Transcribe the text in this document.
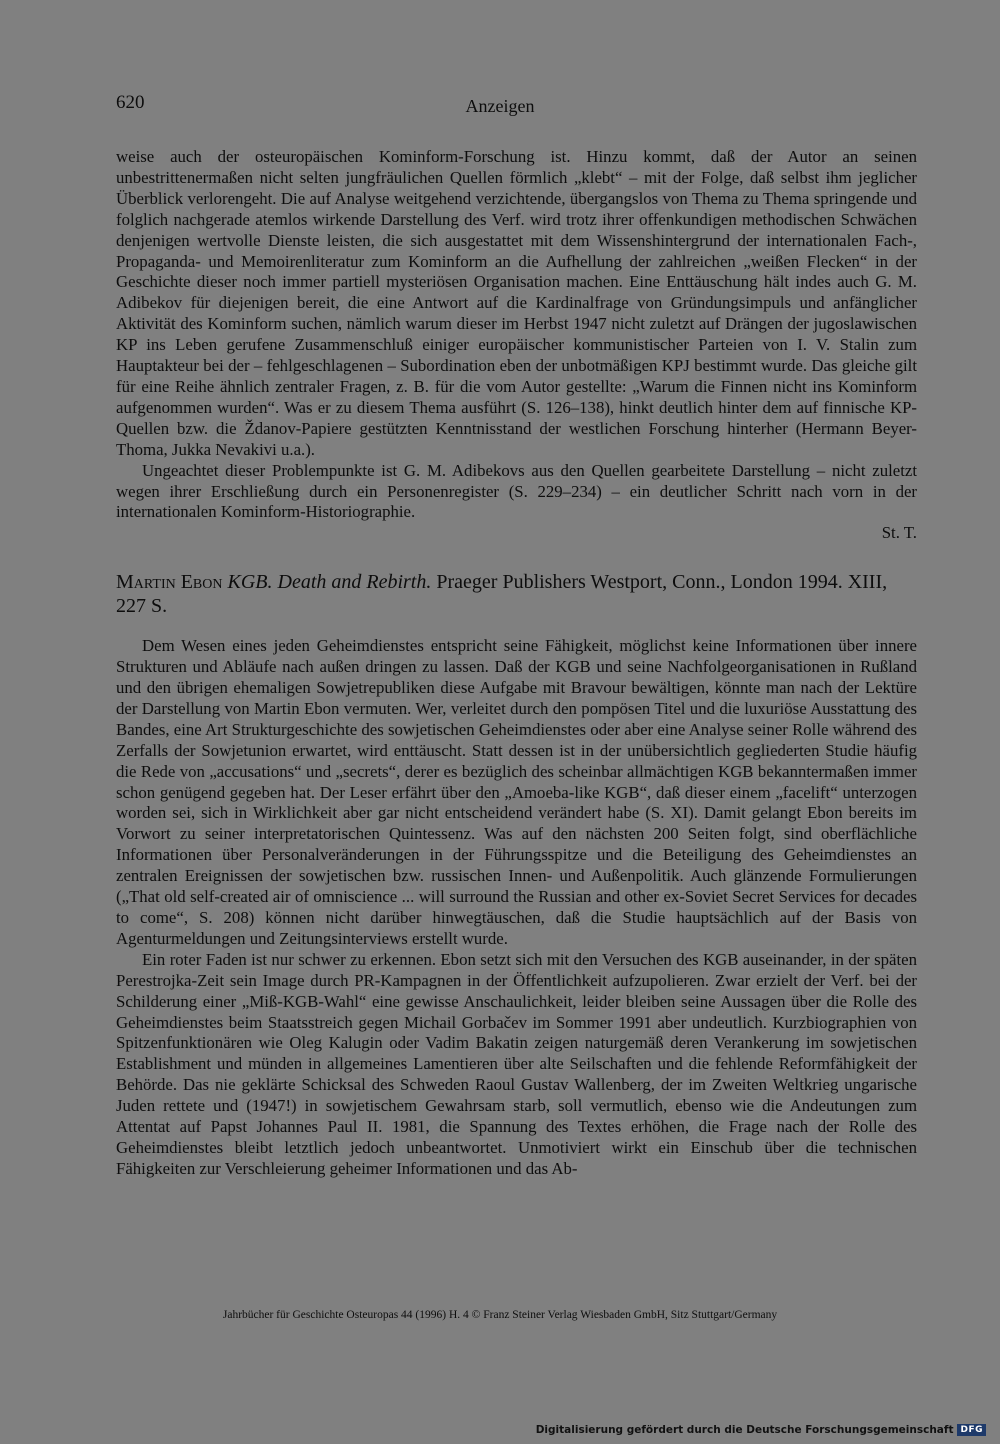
620	Anzeigen

weise auch der osteuropäischen Kominform-Forschung ist. Hinzu kommt, daß der Autor an seinen unbestrittenermaßen nicht selten jungfräulichen Quellen förmlich „klebt“ – mit der Folge, daß selbst ihm jeglicher Überblick verlorengeht. Die auf Analyse weitgehend verzichtende, übergangslos von Thema zu Thema springende und folglich nachgerade atemlos wirkende Darstellung des Verf. wird trotz ihrer offenkundigen methodischen Schwächen denjenigen wertvolle Dienste leisten, die sich ausgestattet mit dem Wissenshintergrund der internationalen Fach-, Propaganda- und Memoirenliteratur zum Kominform an die Aufhellung der zahlreichen „weißen Flecken“ in der Geschichte dieser noch immer partiell mysteriösen Organisation machen. Eine Enttäuschung hält indes auch G. M. Adibekov für diejenigen bereit, die eine Antwort auf die Kardinalfrage von Gründungsimpuls und anfänglicher Aktivität des Kominform suchen, nämlich warum dieser im Herbst 1947 nicht zuletzt auf Drängen der jugoslawischen KP ins Leben gerufene Zusammenschluß einiger europäischer kommunistischer Parteien von I. V. Stalin zum Hauptakteur bei der – fehlgeschlagenen – Subordination eben der unbotmäßigen KPJ bestimmt wurde. Das gleiche gilt für eine Reihe ähnlich zentraler Fragen, z. B. für die vom Autor gestellte: „Warum die Finnen nicht ins Kominform aufgenommen wurden“. Was er zu diesem Thema ausführt (S. 126–138), hinkt deutlich hinter dem auf finnische KP-Quellen bzw. die Ždanov-Papiere gestützten Kenntnisstand der westlichen Forschung hinterher (Hermann Beyer-Thoma, Jukka Nevakivi u.a.).

Ungeachtet dieser Problempunkte ist G. M. Adibekovs aus den Quellen gearbeitete Darstellung – nicht zuletzt wegen ihrer Erschließung durch ein Personenregister (S. 229–234) – ein deutlicher Schritt nach vorn in der internationalen Kominform-Historiographie.

St. T.

Martin Ebon KGB. Death and Rebirth. Praeger Publishers Westport, Conn., London 1994. XIII, 227 S.

Dem Wesen eines jeden Geheimdienstes entspricht seine Fähigkeit, möglichst keine Informationen über innere Strukturen und Abläufe nach außen dringen zu lassen. Daß der KGB und seine Nachfolgeorganisationen in Rußland und den übrigen ehemaligen Sowjetrepubliken diese Aufgabe mit Bravour bewältigen, könnte man nach der Lektüre der Darstellung von Martin Ebon vermuten. Wer, verleitet durch den pompösen Titel und die luxuriöse Ausstattung des Bandes, eine Art Strukturgeschichte des sowjetischen Geheimdienstes oder aber eine Analyse seiner Rolle während des Zerfalls der Sowjetunion erwartet, wird enttäuscht. Statt dessen ist in der unübersichtlich gegliederten Studie häufig die Rede von „accusations“ und „secrets“, derer es bezüglich des scheinbar allmächtigen KGB bekanntermaßen immer schon genügend gegeben hat. Der Leser erfährt über den „Amoeba-like KGB“, daß dieser einem „facelift“ unterzogen worden sei, sich in Wirklichkeit aber gar nicht entscheidend verändert habe (S. XI). Damit gelangt Ebon bereits im Vorwort zu seiner interpretatorischen Quintessenz. Was auf den nächsten 200 Seiten folgt, sind oberflächliche Informationen über Personalveränderungen in der Führungsspitze und die Beteiligung des Geheimdienstes an zentralen Ereignissen der sowjetischen bzw. russischen Innen- und Außenpolitik. Auch glänzende Formulierungen („That old self-created air of omniscience ... will surround the Russian and other ex-Soviet Secret Services for decades to come“, S. 208) können nicht darüber hinwegtäuschen, daß die Studie hauptsächlich auf der Basis von Agenturmeldungen und Zeitungsinterviews erstellt wurde.

Ein roter Faden ist nur schwer zu erkennen. Ebon setzt sich mit den Versuchen des KGB auseinander, in der späten Perestrojka-Zeit sein Image durch PR-Kampagnen in der Öffentlichkeit aufzupolieren. Zwar erzielt der Verf. bei der Schilderung einer „Miß-KGB-Wahl“ eine gewisse Anschaulichkeit, leider bleiben seine Aussagen über die Rolle des Geheimdienstes beim Staatsstreich gegen Michail Gorbačev im Sommer 1991 aber undeutlich. Kurzbiographien von Spitzenfunktionären wie Oleg Kalugin oder Vadim Bakatin zeigen naturgemäß deren Verankerung im sowjetischen Establishment und münden in allgemeines Lamentieren über alte Seilschaften und die fehlende Reformfähigkeit der Behörde. Das nie geklärte Schicksal des Schweden Raoul Gustav Wallenberg, der im Zweiten Weltkrieg ungarische Juden rettete und (1947!) in sowjetischem Gewahrsam starb, soll vermutlich, ebenso wie die Andeutungen zum Attentat auf Papst Johannes Paul II. 1981, die Spannung des Textes erhöhen, die Frage nach der Rolle des Geheimdienstes bleibt letztlich jedoch unbeantwortet. Unmotiviert wirkt ein Einschub über die technischen Fähigkeiten zur Verschleierung geheimer Informationen und das Ab-

Jahrbücher für Geschichte Osteuropas 44 (1996) H. 4 © Franz Steiner Verlag Wiesbaden GmbH, Sitz Stuttgart/Germany
Digitalisierung gefördert durch die Deutsche Forschungsgemeinschaft DFG
